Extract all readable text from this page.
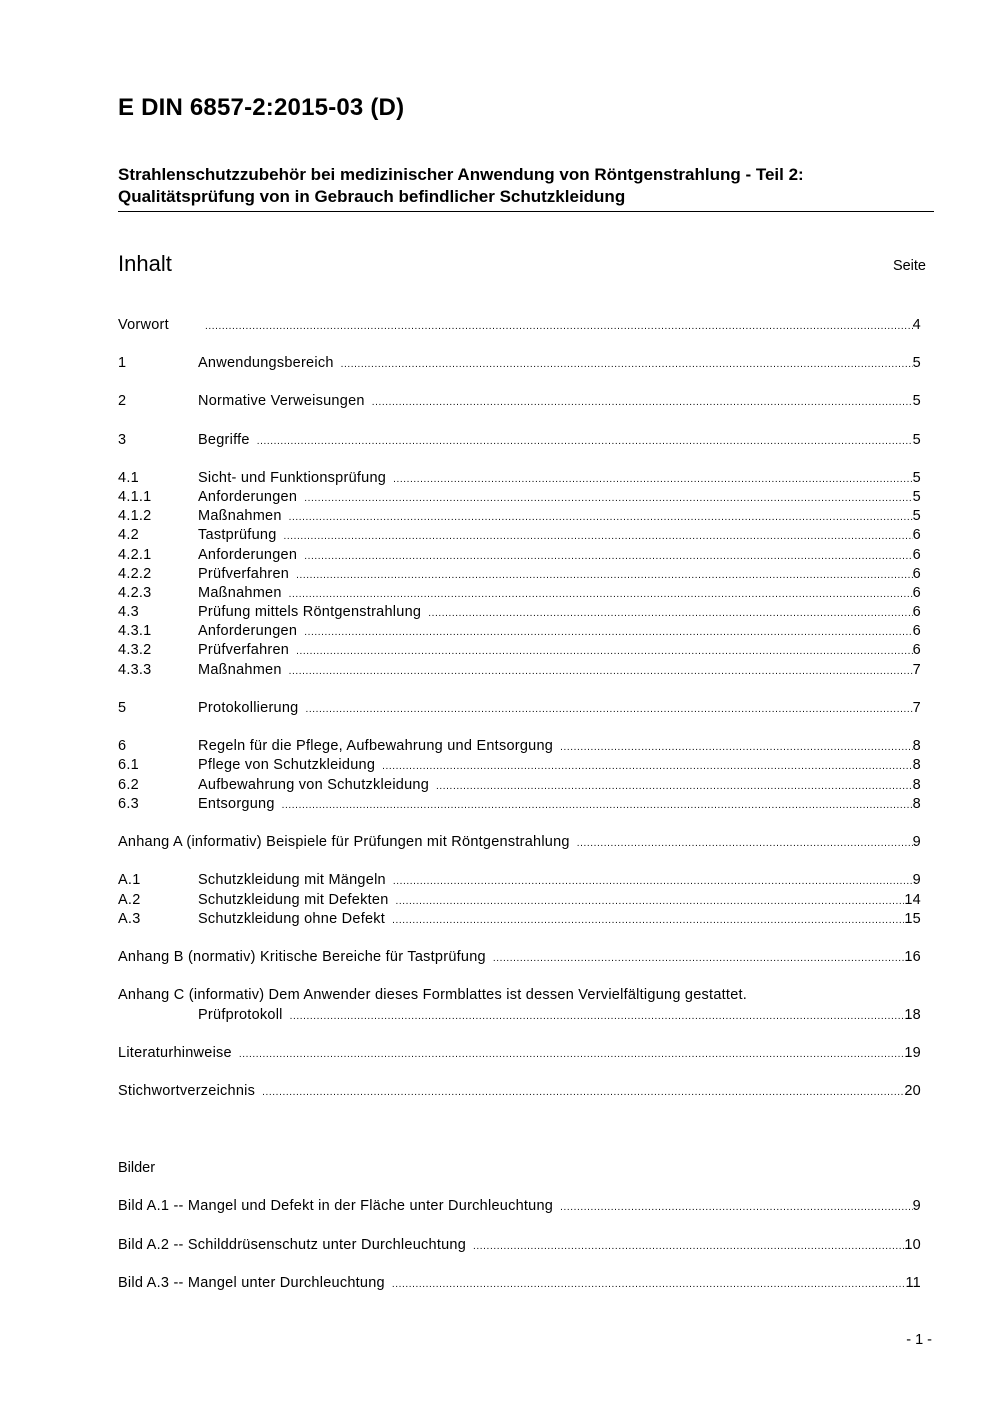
E DIN 6857-2:2015-03 (D)
Strahlenschutzzubehör bei medizinischer Anwendung von Röntgenstrahlung - Teil 2:
Qualitätsprüfung von in Gebrauch befindlicher Schutzkleidung
Inhalt	Seite
Vorwort .....	4
1	Anwendungsbereich .....	5
2	Normative Verweisungen .....	5
3	Begriffe .....	5
4.1	Sicht- und Funktionsprüfung .....	5
4.1.1	Anforderungen .....	5
4.1.2	Maßnahmen .....	5
4.2	Tastprüfung .....	6
4.2.1	Anforderungen .....	6
4.2.2	Prüfverfahren .....	6
4.2.3	Maßnahmen .....	6
4.3	Prüfung mittels Röntgenstrahlung .....	6
4.3.1	Anforderungen .....	6
4.3.2	Prüfverfahren .....	6
4.3.3	Maßnahmen .....	7
5	Protokollierung .....	7
6	Regeln für die Pflege, Aufbewahrung und Entsorgung .....	8
6.1	Pflege von Schutzkleidung .....	8
6.2	Aufbewahrung von Schutzkleidung .....	8
6.3	Entsorgung .....	8
Anhang A (informativ) Beispiele für Prüfungen mit Röntgenstrahlung .....	9
A.1	Schutzkleidung mit Mängeln .....	9
A.2	Schutzkleidung mit Defekten .....	14
A.3	Schutzkleidung ohne Defekt .....	15
Anhang B (normativ) Kritische Bereiche für Tastprüfung .....	16
Anhang C (informativ) Dem Anwender dieses Formblattes ist dessen Vervielfältigung gestattet.
Prüfprotokoll .....	18
Literaturhinweise .....	19
Stichwortverzeichnis .....	20
Bilder
Bild A.1 -- Mangel und Defekt in der Fläche unter Durchleuchtung .....	9
Bild A.2 -- Schilddrüsenschutz unter Durchleuchtung .....	10
Bild A.3 -- Mangel unter Durchleuchtung .....	11
- 1 -
